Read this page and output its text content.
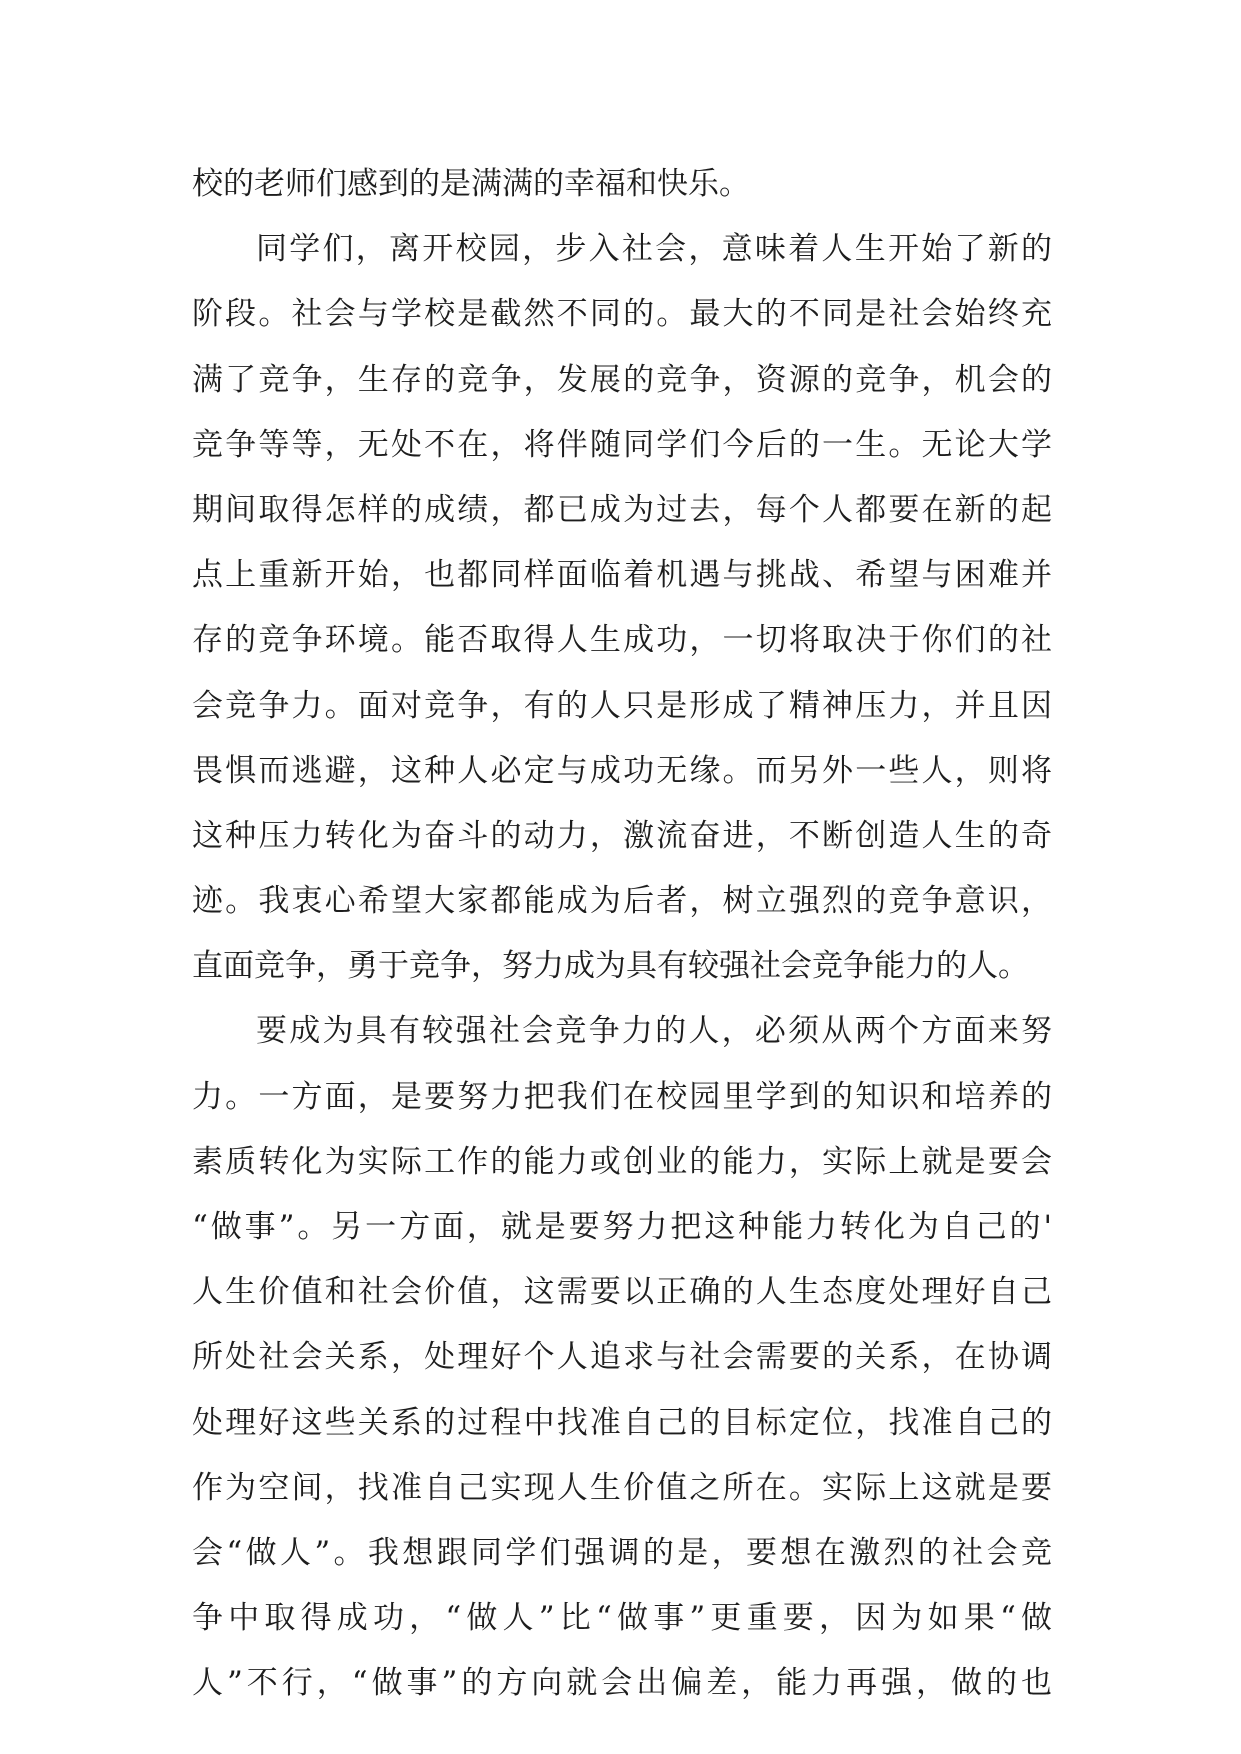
校的老师们感到的是满满的幸福和快乐。
同学们，离开校园，步入社会，意味着人生开始了新的
阶段。社会与学校是截然不同的。最大的不同是社会始终充
满了竞争，生存的竞争，发展的竞争，资源的竞争，机会的
竞争等等，无处不在，将伴随同学们今后的一生。无论大学
期间取得怎样的成绩，都已成为过去，每个人都要在新的起
点上重新开始，也都同样面临着机遇与挑战、希望与困难并
存的竞争环境。能否取得人生成功，一切将取决于你们的社
会竞争力。面对竞争，有的人只是形成了精神压力，并且因
畏惧而逃避，这种人必定与成功无缘。而另外一些人，则将
这种压力转化为奋斗的动力，激流奋进，不断创造人生的奇
迹。我衷心希望大家都能成为后者，树立强烈的竞争意识，
直面竞争，勇于竞争，努力成为具有较强社会竞争能力的人。
要成为具有较强社会竞争力的人，必须从两个方面来努
力。一方面，是要努力把我们在校园里学到的知识和培养的
素质转化为实际工作的能力或创业的能力，实际上就是要会
“做事”。另一方面，就是要努力把这种能力转化为自己的'
人生价值和社会价值，这需要以正确的人生态度处理好自己
所处社会关系，处理好个人追求与社会需要的关系，在协调
处理好这些关系的过程中找准自己的目标定位，找准自己的
作为空间，找准自己实现人生价值之所在。实际上这就是要
会“做人”。我想跟同学们强调的是，要想在激烈的社会竞
争中取得成功，“做人”比“做事”更重要，因为如果“做
人”不行，“做事”的方向就会出偏差，能力再强，做的也
